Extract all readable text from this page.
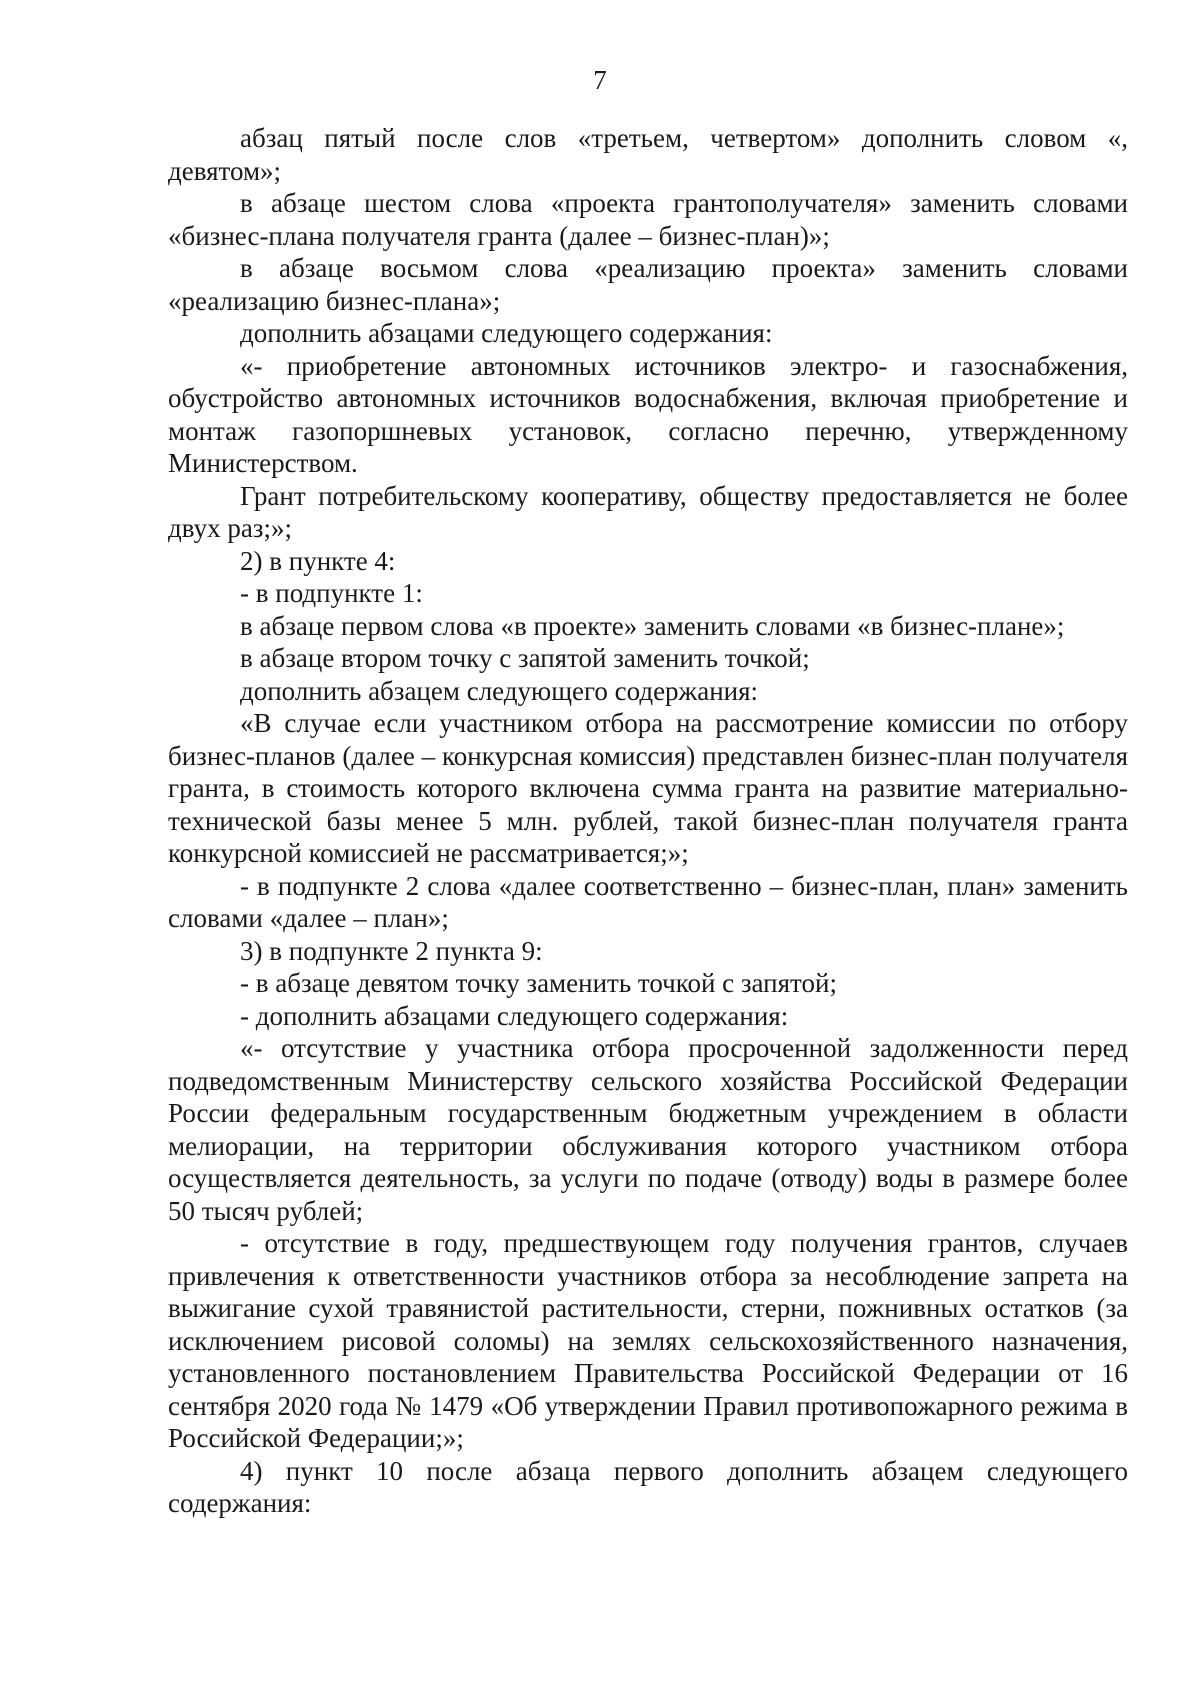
7

абзац пятый после слов «третьем, четвертом» дополнить словом «, девятом»;

в абзаце шестом слова «проекта грантополучателя» заменить словами «бизнес-плана получателя гранта (далее – бизнес-план)»;

в абзаце восьмом слова «реализацию проекта» заменить словами «реализацию бизнес-плана»;

дополнить абзацами следующего содержания:

«- приобретение автономных источников электро- и газоснабжения, обустройство автономных источников водоснабжения, включая приобретение и монтаж газопоршневых установок, согласно перечню, утвержденному Министерством.

Грант потребительскому кооперативу, обществу предоставляется не более двух раз;»;

2) в пункте 4:

- в подпункте 1:

в абзаце первом слова «в проекте» заменить словами «в бизнес-плане»;

в абзаце втором точку с запятой заменить точкой;

дополнить абзацем следующего содержания:

«В случае если участником отбора на рассмотрение комиссии по отбору бизнес-планов (далее – конкурсная комиссия) представлен бизнес-план получателя гранта, в стоимость которого включена сумма гранта на развитие материально-технической базы менее 5 млн. рублей, такой бизнес-план получателя гранта конкурсной комиссией не рассматривается;»;

- в подпункте 2 слова «далее соответственно – бизнес-план, план» заменить словами «далее – план»;

3) в подпункте 2 пункта 9:

- в абзаце девятом точку заменить точкой с запятой;

- дополнить абзацами следующего содержания:

«- отсутствие у участника отбора просроченной задолженности перед подведомственным Министерству сельского хозяйства Российской Федерации России федеральным государственным бюджетным учреждением в области мелиорации, на территории обслуживания которого участником отбора осуществляется деятельность, за услуги по подаче (отводу) воды в размере более 50 тысяч рублей;

- отсутствие в году, предшествующем году получения грантов, случаев привлечения к ответственности участников отбора за несоблюдение запрета на выжигание сухой травянистой растительности, стерни, пожнивных остатков (за исключением рисовой соломы) на землях сельскохозяйственного назначения, установленного постановлением Правительства Российской Федерации от 16 сентября 2020 года № 1479 «Об утверждении Правил противопожарного режима в Российской Федерации;»;

4) пункт 10 после абзаца первого дополнить абзацем следующего содержания:
